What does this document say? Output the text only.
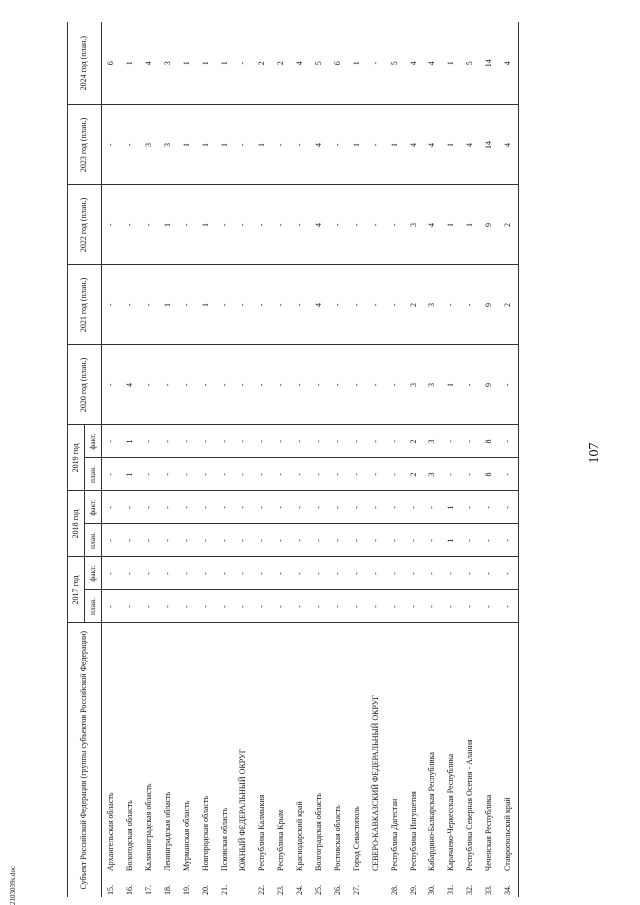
107
2103039s.doc	Субъект Российской Федерации (группы субъектов Российской Федерации)		2017 год		2018 год		2019 год		2020 год (план.)	2021 год (план.)	2022 год (план.)	2023 год (план.)	2024 год (план.)
		план.	факт.	план.	факт.	план.	факт.					
15.	Архангельская область	-	-	-	-	-	-	-	-	-	-	6
16.	Вологодская область	-	-	-	-	1	1	4	-	-	-	1
17.	Калининградская область	-	-	-	-	-	-	-	-	-	3	4
18.	Ленинградская область	-	-	-	-	-	-	-	1	1	3	3
19.	Мурманская область	-	-	-	-	-	-	-	-	-	1	1
20.	Новгородская область	-	-	-	-	-	-	-	1	1	1	1
21.	Псковская область	-	-	-	-	-	-	-	-	-	1	1
	ЮЖНЫЙ ФЕДЕРАЛЬНЫЙ ОКРУГ	-	-	-	-	-	-	-	-	-	-	-
22.	Республика Калмыкия	-	-	-	-	-	-	-	-	-	1	2
23.	Республика Крым	-	-	-	-	-	-	-	-	-	-	2
24.	Краснодарский край	-	-	-	-	-	-	-	-	-	-	4
25.	Волгоградская область	-	-	-	-	-	-	-	4	4	4	5
26.	Ростовская область	-	-	-	-	-	-	-	-	-	-	6
27.	Город Севастополь	-	-	-	-	-	-	-	-	-	1	1
	СЕВЕРО-КАВКАЗСКИЙ ФЕДЕРАЛЬНЫЙ ОКРУГ	-	-	-	-	-	-	-	-	-	-	-
28.	Республика Дагестан	-	-	-	-	-	-	-	-	-	1	5
29.	Республика Ингушетия	-	-	-	-	2	2	3	2	3	4	4
30.	Кабардино-Балкарская Республика	-	-	-	-	3	3	3	3	4	4	4
31.	Карачаево-Черкесская Республика	-	-	1	1	-	-	1	-	1	1	1
32.	Республика Северная Осетия - Алания	-	-	-	-	-	-	-	-	1	4	5
33.	Чеченская Республика	-	-	-	-	8	8	9	9	9	14	14
34.	Ставропольский край	-	-	-	-	-	-	-	2	2	4	4
